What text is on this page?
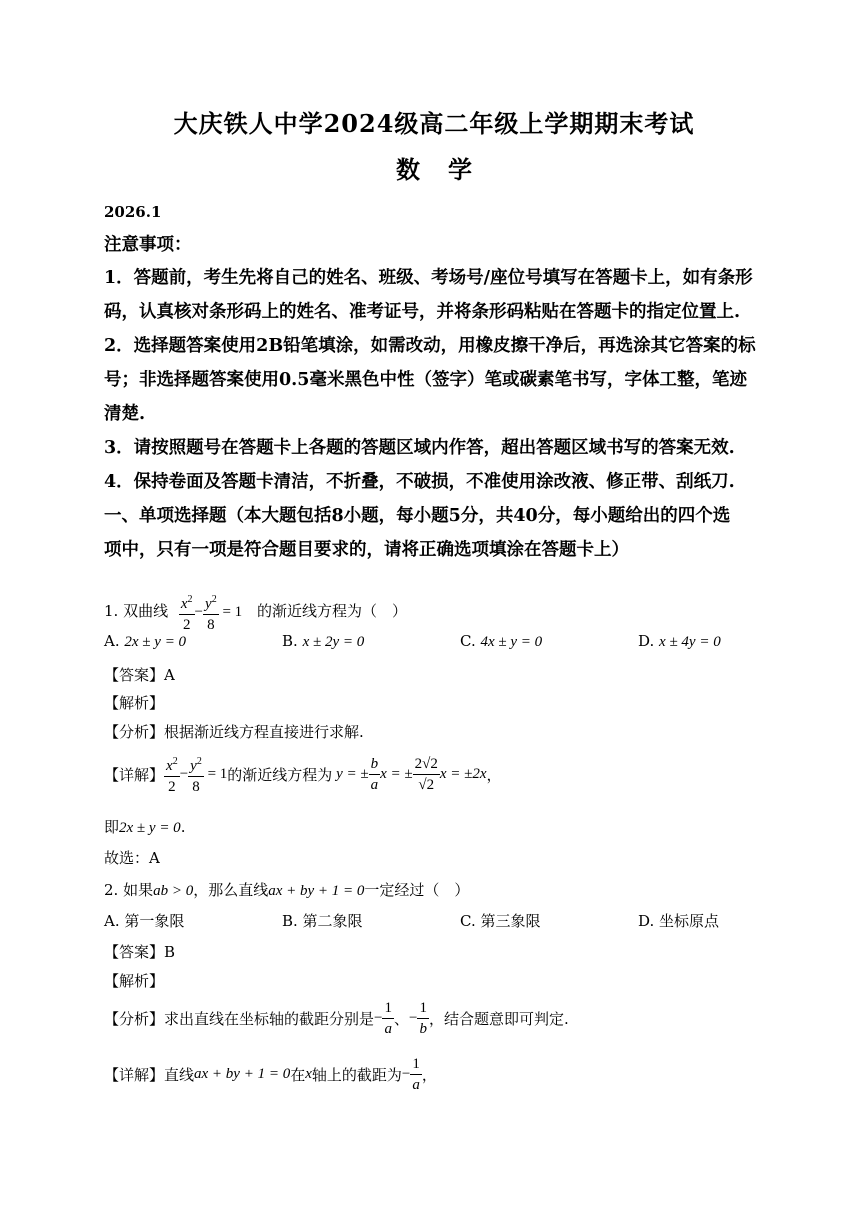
大庆铁人中学2024级高二年级上学期期末考试
数学
2026.1
注意事项：
1．答题前，考生先将自己的姓名、班级、考场号/座位号填写在答题卡上，如有条形
码，认真核对条形码上的姓名、准考证号，并将条形码粘贴在答题卡的指定位置上.
2．选择题答案使用2B铅笔填涂，如需改动，用橡皮擦干净后，再选涂其它答案的标
号；非选择题答案使用0.5毫米黑色中性（签字）笔或碳素笔书写，字体工整，笔迹
清楚.
3．请按照题号在答题卡上各题的答题区域内作答，超出答题区域书写的答案无效.
4．保持卷面及答题卡清洁，不折叠，不破损，不准使用涂改液、修正带、刮纸刀.
一、单项选择题（本大题包括8小题，每小题5分，共40分，每小题给出的四个选
项中，只有一项是符合题目要求的，请将正确选项填涂在答题卡上）
1. 双曲线 $\frac{x^2}{2} - \frac{y^2}{8} = 1$ 的渐近线方程为（　）
A. 2x ± y = 0	B. x ± 2y = 0	C. 4x ± y = 0	D. x ± 4y = 0
【答案】A
【解析】
【分析】根据渐近线方程直接进行求解.
【详解】 $\frac{x^2}{2} - \frac{y^2}{8} = 1$的渐近线方程为 y = ± $\frac{b}{a}$ x = ± $\frac{2√2}{√2}$ x = ±2x，
即2x ± y = 0.
故选：A
2. 如果ab > 0，那么直线ax + by + 1 = 0一定经过（　）
A. 第一象限	B. 第二象限	C. 第三象限	D. 坐标原点
【答案】B
【解析】
【分析】求出直线在坐标轴的截距分别是− $\frac{1}{a}$ 、− $\frac{1}{b}$ ，结合题意即可判定.
【详解】直线ax + by + 1 = 0在x轴上的截距为− $\frac{1}{a}$ ，
